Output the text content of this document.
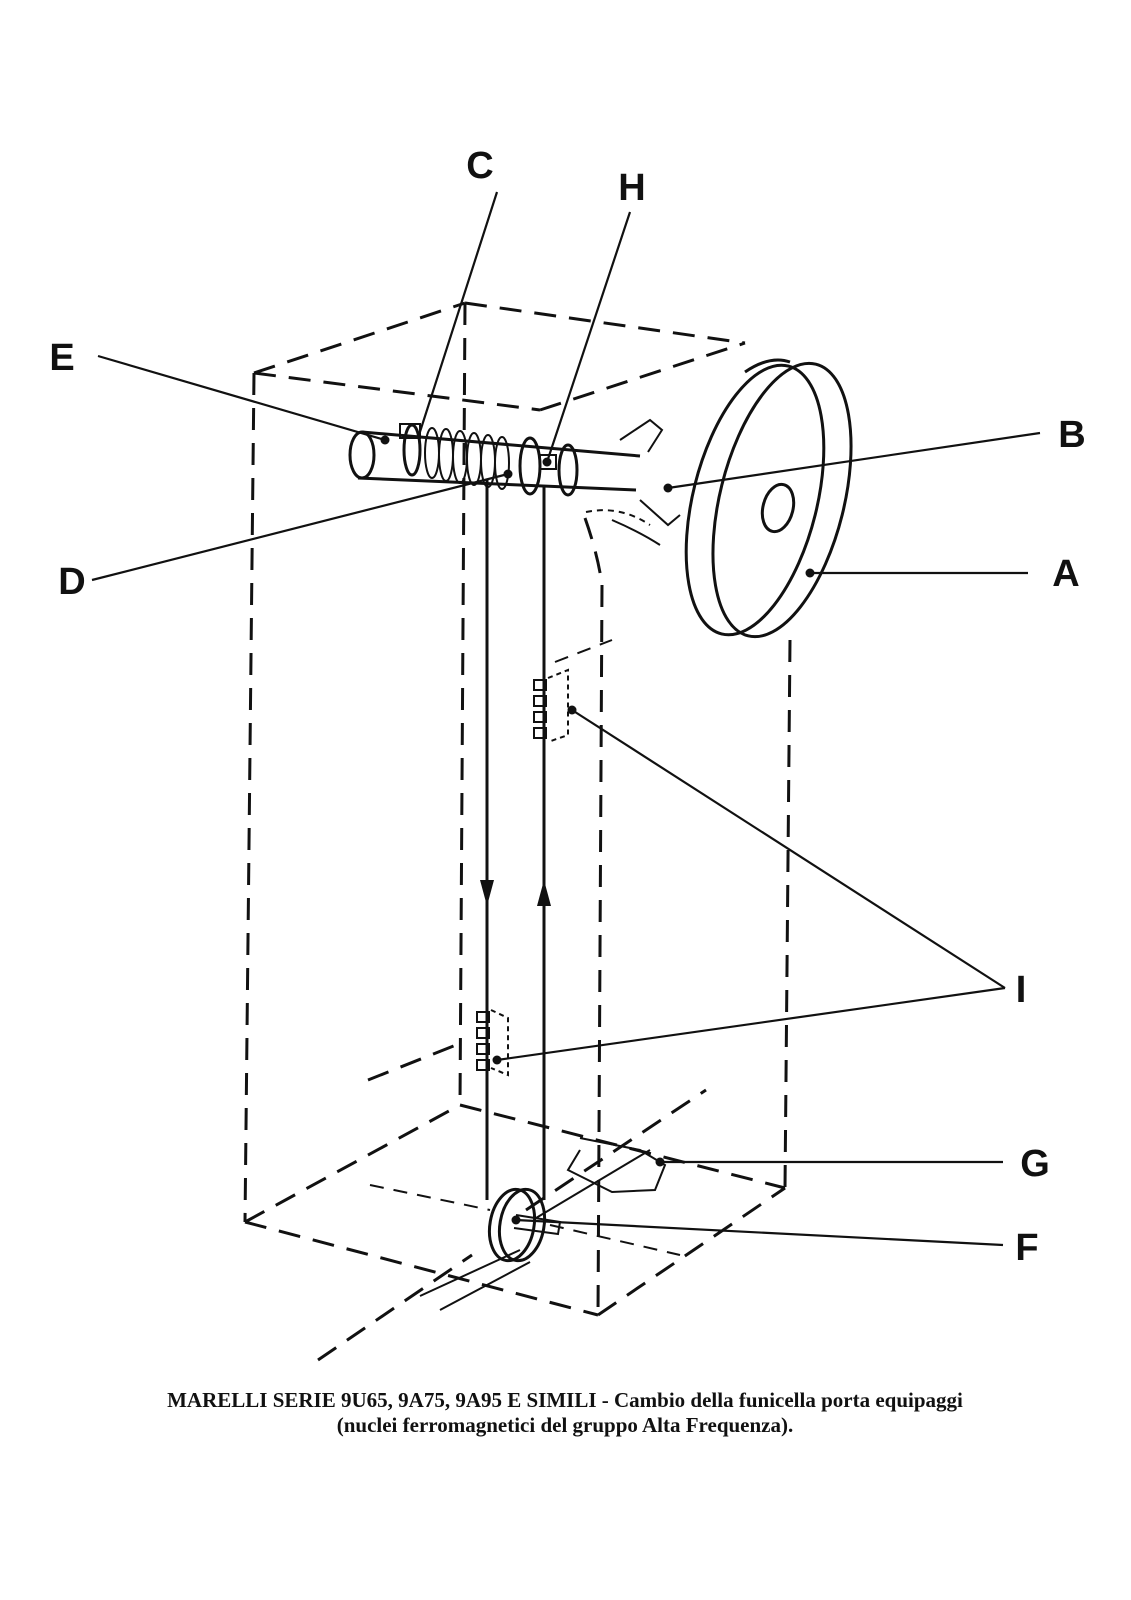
C
H
E
B
D	A
I
G
F
MARELLI SERIE 9U65, 9A75, 9A95 E SIMILI - Cambio della funicella porta equipaggi
(nuclei ferromagnetici del gruppo Alta Frequenza).
